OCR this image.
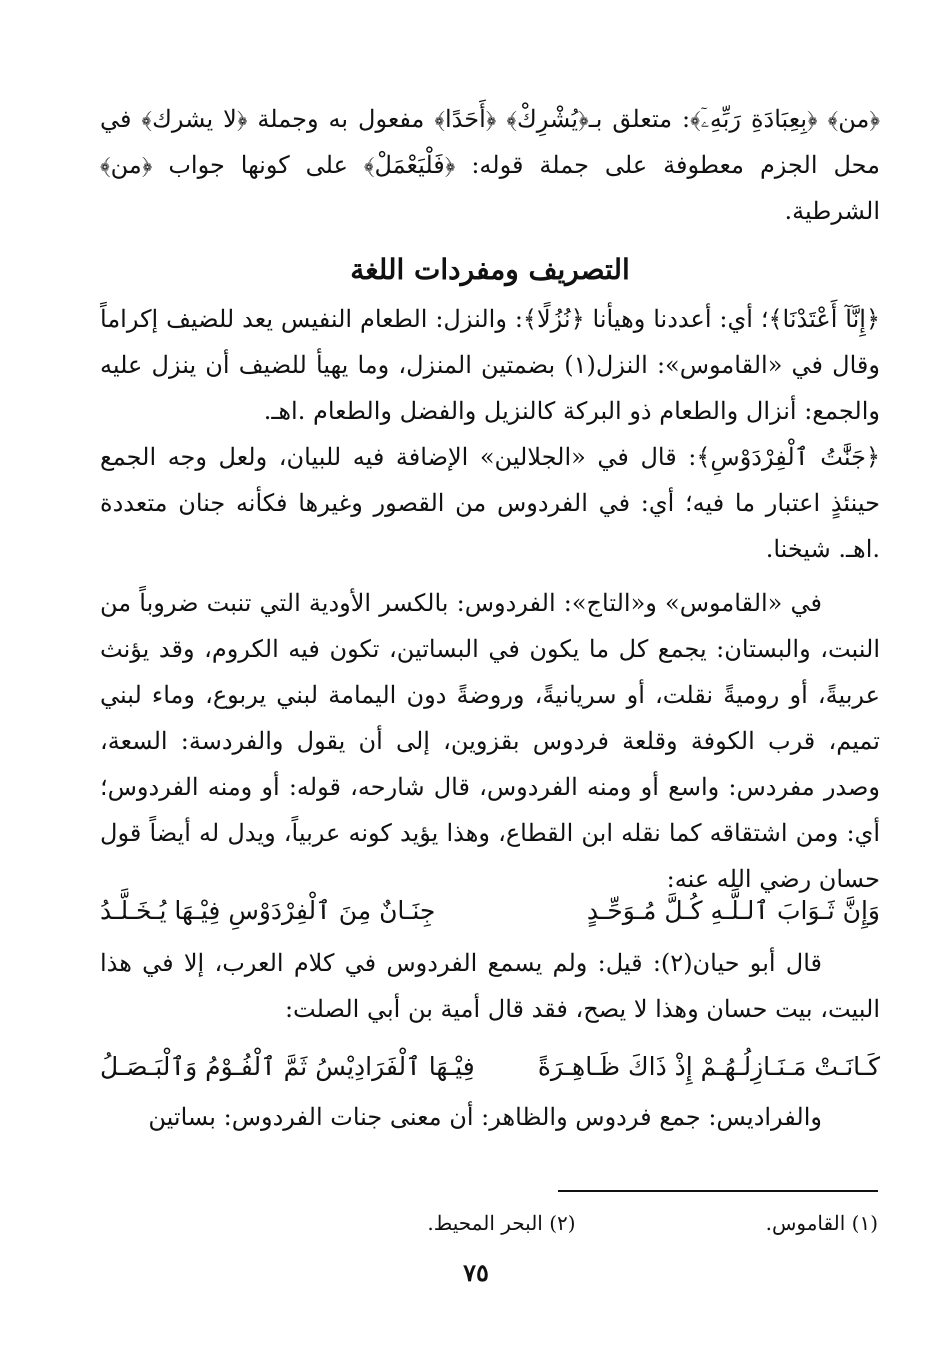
﴿من﴾ ﴿بِعِبَادَةِ رَبِّهِۦٓ﴾: متعلق بـ﴿يُشْرِكْ﴾ ﴿أَحَدًا﴾ مفعول به وجملة ﴿لا يشرك﴾ في محل الجزم معطوفة على جملة قوله: ﴿فَلْيَعْمَلْ﴾ على كونها جواب ﴿من﴾ الشرطية.

التصريف ومفردات اللغة

﴿إِنَّآ أَعْتَدْنَا﴾؛ أي: أعددنا وهيأنا ﴿نُزُلًا﴾: والنزل: الطعام النفيس يعد للضيف إكراماً وقال في «القاموس»: النزل(١) بضمتين المنزل، وما يهيأ للضيف أن ينزل عليه والجمع: أنزال والطعام ذو البركة كالنزيل والفضل والطعام .اهـ.

﴿جَنَّٰتُ ٱلْفِرْدَوْسِ﴾: قال في «الجلالين» الإضافة فيه للبيان، ولعل وجه الجمع حينئذٍ اعتبار ما فيه؛ أي: في الفردوس من القصور وغيرها فكأنه جنان متعددة .اهـ. شيخنا.

في «القاموس» و«التاج»: الفردوس: بالكسر الأودية التي تنبت ضروباً من النبت، والبستان: يجمع كل ما يكون في البساتين، تكون فيه الكروم، وقد يؤنث عربيةً، أو روميةً نقلت، أو سريانيةً، وروضةً دون اليمامة لبني يربوع، وماء لبني تميم، قرب الكوفة وقلعة فردوس بقزوين، إلى أن يقول والفردسة: السعة، وصدر مفردس: واسع أو ومنه الفردوس، قال شارحه، قوله: أو ومنه الفردوس؛ أي: ومن اشتقاقه كما نقله ابن القطاع، وهذا يؤيد كونه عربياً، ويدل له أيضاً قول حسان رضي الله عنه:

وَإِنَّ ثَـوَابَ ٱلـلَّـهِ كُـلَّ مُـوَحِّـدٍ
جِنَـانٌ مِنَ ٱلْفِرْدَوْسِ فِيْـهَا يُـخَـلَّـدُ

قال أبو حيان(٢): قيل: ولم يسمع الفردوس في كلام العرب، إلا في هذا البيت، بيت حسان وهذا لا يصح، فقد قال أمية بن أبي الصلت:

كَـانَـتْ مَـنَـازِلُـهُـمْ إِذْ ذَاكَ ظَـاهِـرَةً
فِيْـهَا ٱلْفَرَادِيْسُ ثَمَّ ٱلْفُـوْمُ وَٱلْبَـصَـلُ

والفراديس: جمع فردوس والظاهر: أن معنى جنات الفردوس: بساتين

(١) القاموس.
(٢) البحر المحيط.
٧٥
